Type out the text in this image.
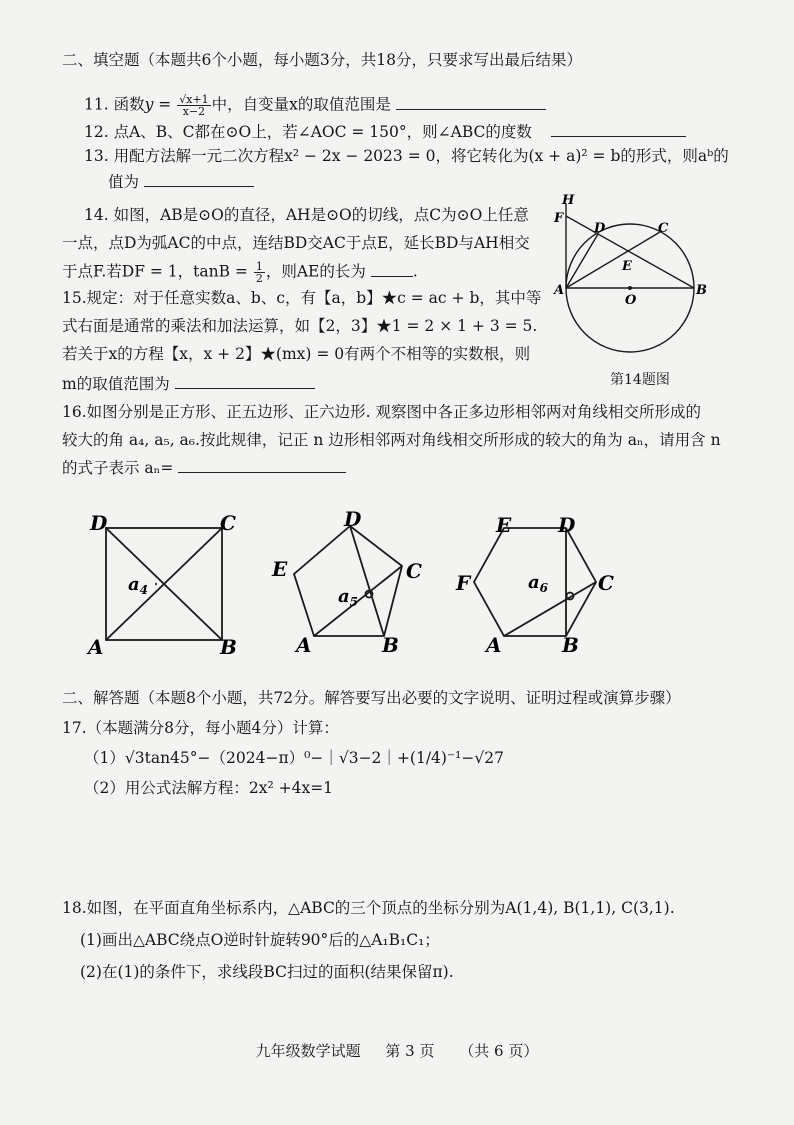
二、填空题（本题共6个小题，每小题3分，共18分，只要求写出最后结果）
11. 函数$y = \frac{√x+1}{x-2}$ 中，自变量x的取值范围是
12. 点A、B、C都在⊙O上，若∠AOC = 150°，则∠ABC的度数
13. 用配方法解一元二次方程x² − 2x − 2023 = 0，将它转化为(x + a)² = b的形式，则aᵇ的
值为
14. 如图，AB是⊙O的直径，AH是⊙O的切线，点C为⊙O上任意
一点，点D为弧AC的中点，连结BD交AC于点E，延长BD与AH相交
于点F.若DF = 1，$\tan B = \frac{1}{2}$ ，则AE的长为	.
H
F
D	C
E
A
O
B
第14题图
15.规定：对于任意实数a、b、c，有【a，b】★c = ac + b，其中等
式右面是通常的乘法和加法运算，如【2，3】★1 = 2 × 1 + 3 = 5.
若关于x的方程【x，x + 2】★(mx) = 0有两个不相等的实数根，则
m的取值范围为
16.如图分别是正方形、正五边形、正六边形. 观察图中各正多边形相邻两对角线相交所形成的
较大的角 a₄, a₅, a₆.按此规律，记正 n 边形相邻两对角线相交所形成的较大的角为 aₙ，请用含 n
的式子表示 aₙ=
D	C
A	B
$a_4$
D
C
E
A	B
$a_5$
E D
C
F
A	B
$a_6$
二、解答题（本题8个小题，共72分。解答要写出必要的文字说明、证明过程或演算步骤）
17.（本题满分8分，每小题4分）计算：
（1）√3tan45°−（2024−π）⁰−｜√3−2｜+(1/4)⁻¹−√27
（2）用公式法解方程：2x² +4x=1
18.如图，在平面直角坐标系内，△ABC的三个顶点的坐标分别为A(1,4), B(1,1), C(3,1).
(1)画出△ABC绕点O逆时针旋转90°后的△A₁B₁C₁；
(2)在(1)的条件下，求线段BC扫过的面积(结果保留π).
九年级数学试题 第 3 页 （共 6 页）
